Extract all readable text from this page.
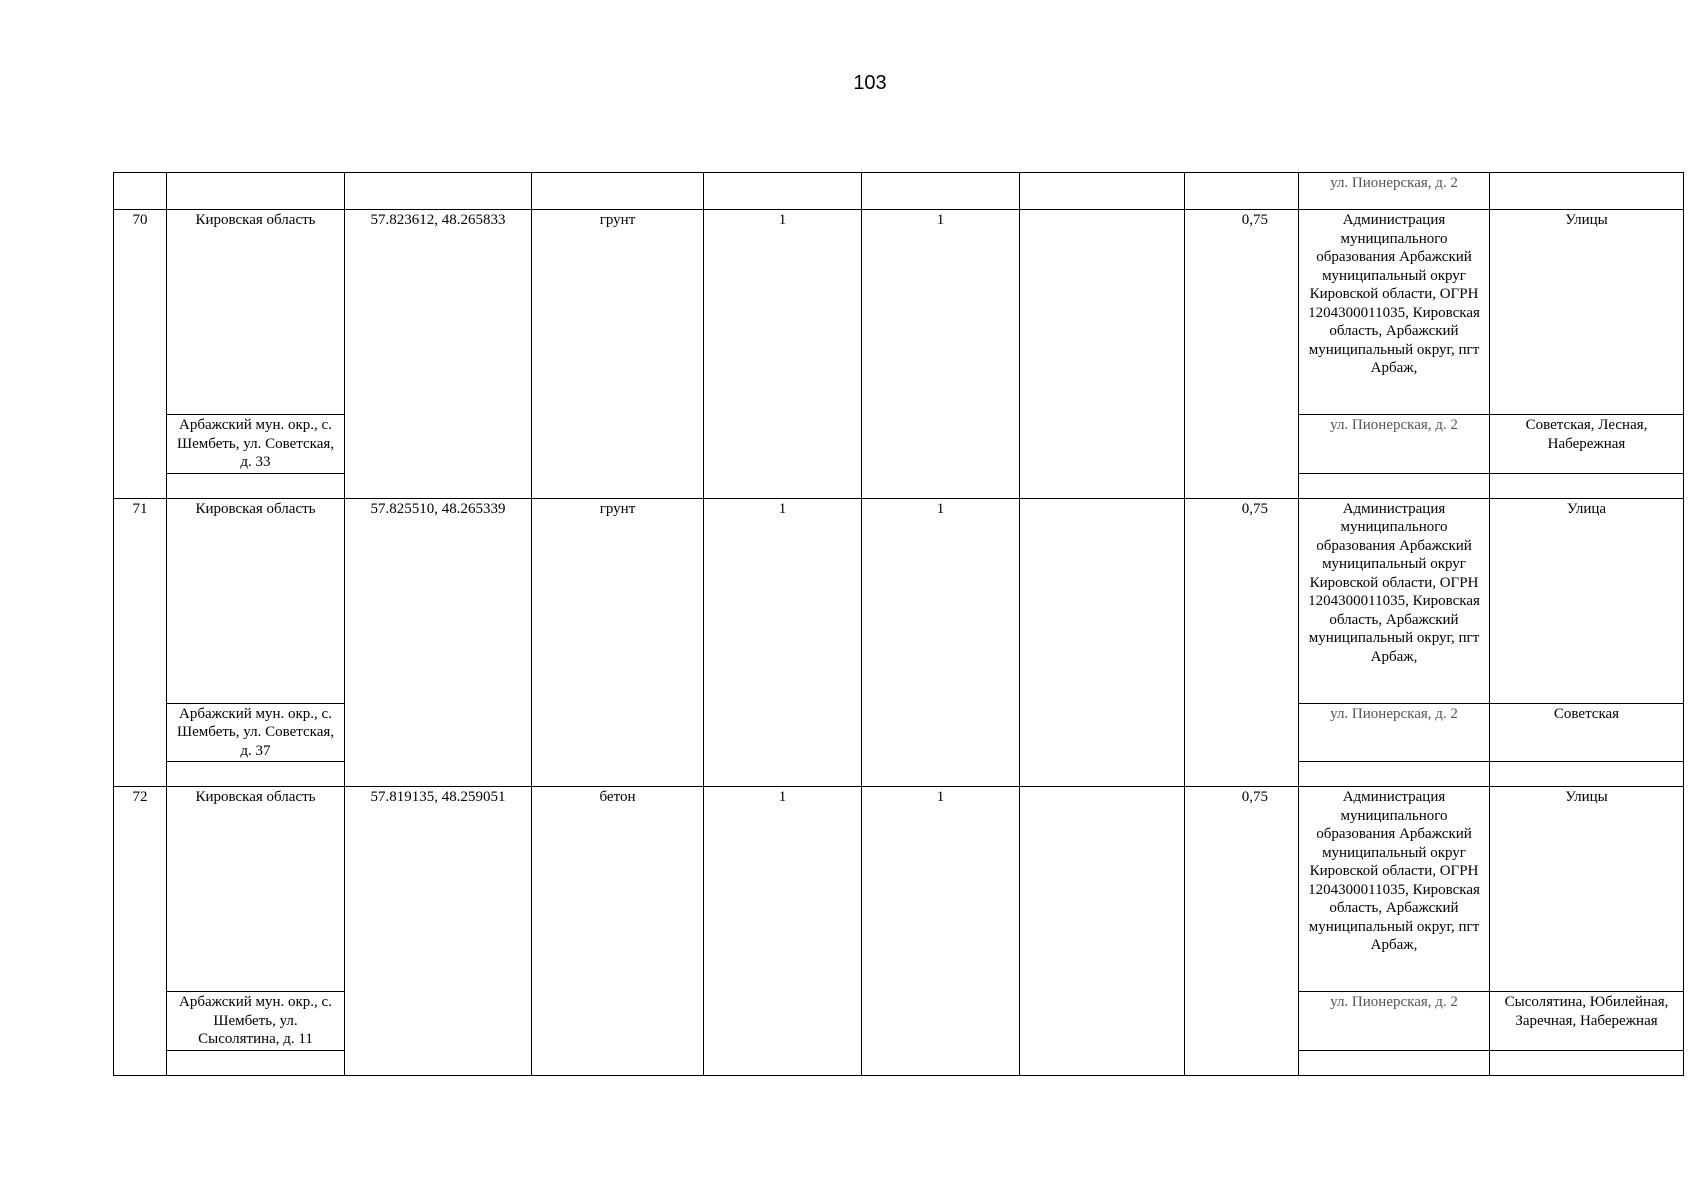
103
								ул. Пионерская, д. 2	
70	Кировская область	57.823612, 48.265833	грунт	1	1		0,75	Администрация муниципального образования Арбажский муниципальный округ Кировской области, ОГРН 1204300011035, Кировская область, Арбажский муниципальный округ, пгт Арбаж,	Улицы
	Арбажский мун. окр., с. Шембеть, ул. Советская, д. 33							ул. Пионерская, д. 2	Советская, Лесная, Набережная

71	Кировская область	57.825510, 48.265339	грунт	1	1		0,75	Администрация муниципального образования Арбажский муниципальный округ Кировской области, ОГРН 1204300011035, Кировская область, Арбажский муниципальный округ, пгт Арбаж,	Улица
	Арбажский мун. окр., с. Шембеть, ул. Советская, д. 37							ул. Пионерская, д. 2	Советская

72	Кировская область	57.819135, 48.259051	бетон	1	1		0,75	Администрация муниципального образования Арбажский муниципальный округ Кировской области, ОГРН 1204300011035, Кировская область, Арбажский муниципальный округ, пгт Арбаж,	Улицы
	Арбажский мун. окр., с. Шембеть, ул. Сысолятина, д. 11							ул. Пионерская, д. 2	Сысолятина, Юбилейная, Заречная, Набережная
